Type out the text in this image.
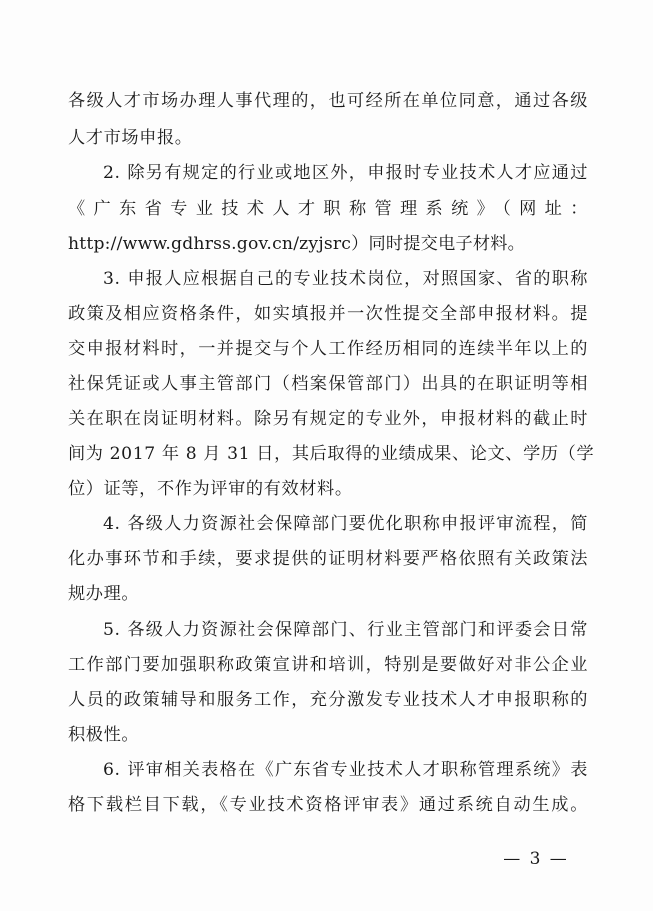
各级人才市场办理人事代理的，也可经所在单位同意，通过各级
人才市场申报。
2. 除另有规定的行业或地区外，申报时专业技术人才应通过
《广东省专业技术人才职称管理系统》（网址：
http://www.gdhrss.gov.cn/zyjsrc）同时提交电子材料。
3. 申报人应根据自己的专业技术岗位，对照国家、省的职称
政策及相应资格条件，如实填报并一次性提交全部申报材料。提
交申报材料时，一并提交与个人工作经历相同的连续半年以上的
社保凭证或人事主管部门（档案保管部门）出具的在职证明等相
关在职在岗证明材料。除另有规定的专业外，申报材料的截止时
间为 2017 年 8 月 31 日，其后取得的业绩成果、论文、学历（学
位）证等，不作为评审的有效材料。
4. 各级人力资源社会保障部门要优化职称申报评审流程，简
化办事环节和手续，要求提供的证明材料要严格依照有关政策法
规办理。
5. 各级人力资源社会保障部门、行业主管部门和评委会日常
工作部门要加强职称政策宣讲和培训，特别是要做好对非公企业
人员的政策辅导和服务工作，充分激发专业技术人才申报职称的
积极性。
6. 评审相关表格在《广东省专业技术人才职称管理系统》表
格下载栏目下载，《专业技术资格评审表》通过系统自动生成。
— 3 —
